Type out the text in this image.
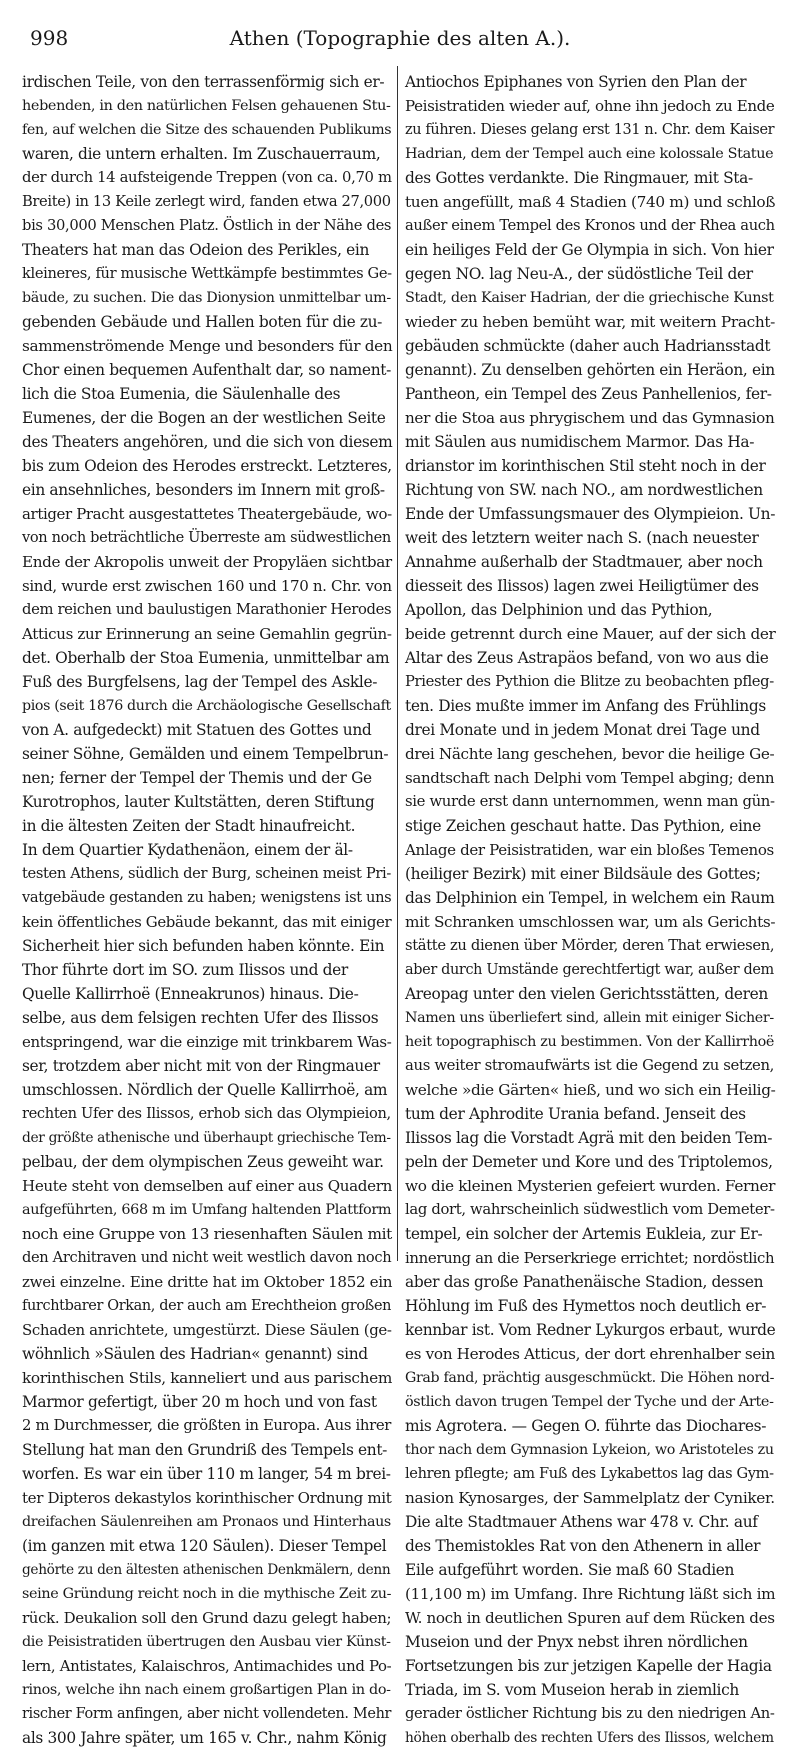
998	Athen (Topographie des alten A.).
irdischen Teile, von den terrassenförmig sich er-
hebenden, in den natürlichen Felsen gehauenen Stu-
fen, auf welchen die Sitze des schauenden Publikums
waren, die untern erhalten. Im Zuschauerraum,
der durch 14 aufsteigende Treppen (von ca. 0,70 m
Breite) in 13 Keile zerlegt wird, fanden etwa 27,000
bis 30,000 Menschen Platz. Östlich in der Nähe des
Theaters hat man das Odeion des Perikles, ein
kleineres, für musische Wettkämpfe bestimmtes Ge-
bäude, zu suchen. Die das Dionysion unmittelbar um-
gebenden Gebäude und Hallen boten für die zu-
sammenströmende Menge und besonders für den
Chor einen bequemen Aufenthalt dar, so nament-
lich die Stoa Eumenia, die Säulenhalle des
Eumenes, der die Bogen an der westlichen Seite
des Theaters angehören, und die sich von diesem
bis zum Odeion des Herodes erstreckt. Letzteres,
ein ansehnliches, besonders im Innern mit groß-
artiger Pracht ausgestattetes Theatergebäude, wo-
von noch beträchtliche Überreste am südwestlichen
Ende der Akropolis unweit der Propyläen sichtbar
sind, wurde erst zwischen 160 und 170 n. Chr. von
dem reichen und baulustigen Marathonier Herodes
Atticus zur Erinnerung an seine Gemahlin gegrün-
det. Oberhalb der Stoa Eumenia, unmittelbar am
Fuß des Burgfelsens, lag der Tempel des Askle-
pios (seit 1876 durch die Archäologische Gesellschaft
von A. aufgedeckt) mit Statuen des Gottes und
seiner Söhne, Gemälden und einem Tempelbrun-
nen; ferner der Tempel der Themis und der Ge
Kurotrophos, lauter Kultstätten, deren Stiftung
in die ältesten Zeiten der Stadt hinaufreicht.
In dem Quartier Kydathenäon, einem der äl-
testen Athens, südlich der Burg, scheinen meist Pri-
vatgebäude gestanden zu haben; wenigstens ist uns
kein öffentliches Gebäude bekannt, das mit einiger
Sicherheit hier sich befunden haben könnte. Ein
Thor führte dort im SO. zum Ilissos und der
Quelle Kallirrhoë (Enneakrunos) hinaus. Die-
selbe, aus dem felsigen rechten Ufer des Ilissos
entspringend, war die einzige mit trinkbarem Was-
ser, trotzdem aber nicht mit von der Ringmauer
umschlossen. Nördlich der Quelle Kallirrhoë, am
rechten Ufer des Ilissos, erhob sich das Olympieion,
der größte athenische und überhaupt griechische Tem-
pelbau, der dem olympischen Zeus geweiht war.
Heute steht von demselben auf einer aus Quadern
aufgeführten, 668 m im Umfang haltenden Plattform
noch eine Gruppe von 13 riesenhaften Säulen mit
den Architraven und nicht weit westlich davon noch
zwei einzelne. Eine dritte hat im Oktober 1852 ein
furchtbarer Orkan, der auch am Erechtheion großen
Schaden anrichtete, umgestürzt. Diese Säulen (ge-
wöhnlich »Säulen des Hadrian« genannt) sind
korinthischen Stils, kanneliert und aus parischem
Marmor gefertigt, über 20 m hoch und von fast
2 m Durchmesser, die größten in Europa. Aus ihrer
Stellung hat man den Grundriß des Tempels ent-
worfen. Es war ein über 110 m langer, 54 m brei-
ter Dipteros dekastylos korinthischer Ordnung mit
dreifachen Säulenreihen am Pronaos und Hinterhaus
(im ganzen mit etwa 120 Säulen). Dieser Tempel
gehörte zu den ältesten athenischen Denkmälern, denn
seine Gründung reicht noch in die mythische Zeit zu-
rück. Deukalion soll den Grund dazu gelegt haben;
die Peisistratiden übertrugen den Ausbau vier Künst-
lern, Antistates, Kalaischros, Antimachides und Po-
rinos, welche ihn nach einem großartigen Plan in do-
rischer Form anfingen, aber nicht vollendeten. Mehr
als 300 Jahre später, um 165 v. Chr., nahm König
Antiochos Epiphanes von Syrien den Plan der
Peisistratiden wieder auf, ohne ihn jedoch zu Ende
zu führen. Dieses gelang erst 131 n. Chr. dem Kaiser
Hadrian, dem der Tempel auch eine kolossale Statue
des Gottes verdankte. Die Ringmauer, mit Sta-
tuen angefüllt, maß 4 Stadien (740 m) und schloß
außer einem Tempel des Kronos und der Rhea auch
ein heiliges Feld der Ge Olympia in sich. Von hier
gegen NO. lag Neu-A., der südöstliche Teil der
Stadt, den Kaiser Hadrian, der die griechische Kunst
wieder zu heben bemüht war, mit weitern Pracht-
gebäuden schmückte (daher auch Hadriansstadt
genannt). Zu denselben gehörten ein Heräon, ein
Pantheon, ein Tempel des Zeus Panhellenios, fer-
ner die Stoa aus phrygischem und das Gymnasion
mit Säulen aus numidischem Marmor. Das Ha-
drianstor im korinthischen Stil steht noch in der
Richtung von SW. nach NO., am nordwestlichen
Ende der Umfassungsmauer des Olympieion. Un-
weit des letztern weiter nach S. (nach neuester
Annahme außerhalb der Stadtmauer, aber noch
diesseit des Ilissos) lagen zwei Heiligtümer des
Apollon, das Delphinion und das Pythion,
beide getrennt durch eine Mauer, auf der sich der
Altar des Zeus Astrapäos befand, von wo aus die
Priester des Pythion die Blitze zu beobachten pfleg-
ten. Dies mußte immer im Anfang des Frühlings
drei Monate und in jedem Monat drei Tage und
drei Nächte lang geschehen, bevor die heilige Ge-
sandtschaft nach Delphi vom Tempel abging; denn
sie wurde erst dann unternommen, wenn man gün-
stige Zeichen geschaut hatte. Das Pythion, eine
Anlage der Peisistratiden, war ein bloßes Temenos
(heiliger Bezirk) mit einer Bildsäule des Gottes;
das Delphinion ein Tempel, in welchem ein Raum
mit Schranken umschlossen war, um als Gerichts-
stätte zu dienen über Mörder, deren That erwiesen,
aber durch Umstände gerechtfertigt war, außer dem
Areopag unter den vielen Gerichtsstätten, deren
Namen uns überliefert sind, allein mit einiger Sicher-
heit topographisch zu bestimmen. Von der Kallirrhoë
aus weiter stromaufwärts ist die Gegend zu setzen,
welche »die Gärten« hieß, und wo sich ein Heilig-
tum der Aphrodite Urania befand. Jenseit des
Ilissos lag die Vorstadt Agrä mit den beiden Tem-
peln der Demeter und Kore und des Triptolemos,
wo die kleinen Mysterien gefeiert wurden. Ferner
lag dort, wahrscheinlich südwestlich vom Demeter-
tempel, ein solcher der Artemis Eukleia, zur Er-
innerung an die Perserkriege errichtet; nordöstlich
aber das große Panathenäische Stadion, dessen
Höhlung im Fuß des Hymettos noch deutlich er-
kennbar ist. Vom Redner Lykurgos erbaut, wurde
es von Herodes Atticus, der dort ehrenhalber sein
Grab fand, prächtig ausgeschmückt. Die Höhen nord-
östlich davon trugen Tempel der Tyche und der Arte-
mis Agrotera. — Gegen O. führte das Diochares-
thor nach dem Gymnasion Lykeion, wo Aristoteles zu
lehren pflegte; am Fuß des Lykabettos lag das Gym-
nasion Kynosarges, der Sammelplatz der Cyniker.
Die alte Stadtmauer Athens war 478 v. Chr. auf
des Themistokles Rat von den Athenern in aller
Eile aufgeführt worden. Sie maß 60 Stadien
(11,100 m) im Umfang. Ihre Richtung läßt sich im
W. noch in deutlichen Spuren auf dem Rücken des
Museion und der Pnyx nebst ihren nördlichen
Fortsetzungen bis zur jetzigen Kapelle der Hagia
Triada, im S. vom Museion herab in ziemlich
gerader östlicher Richtung bis zu den niedrigen An-
höhen oberhalb des rechten Ufers des Ilissos, welchem
